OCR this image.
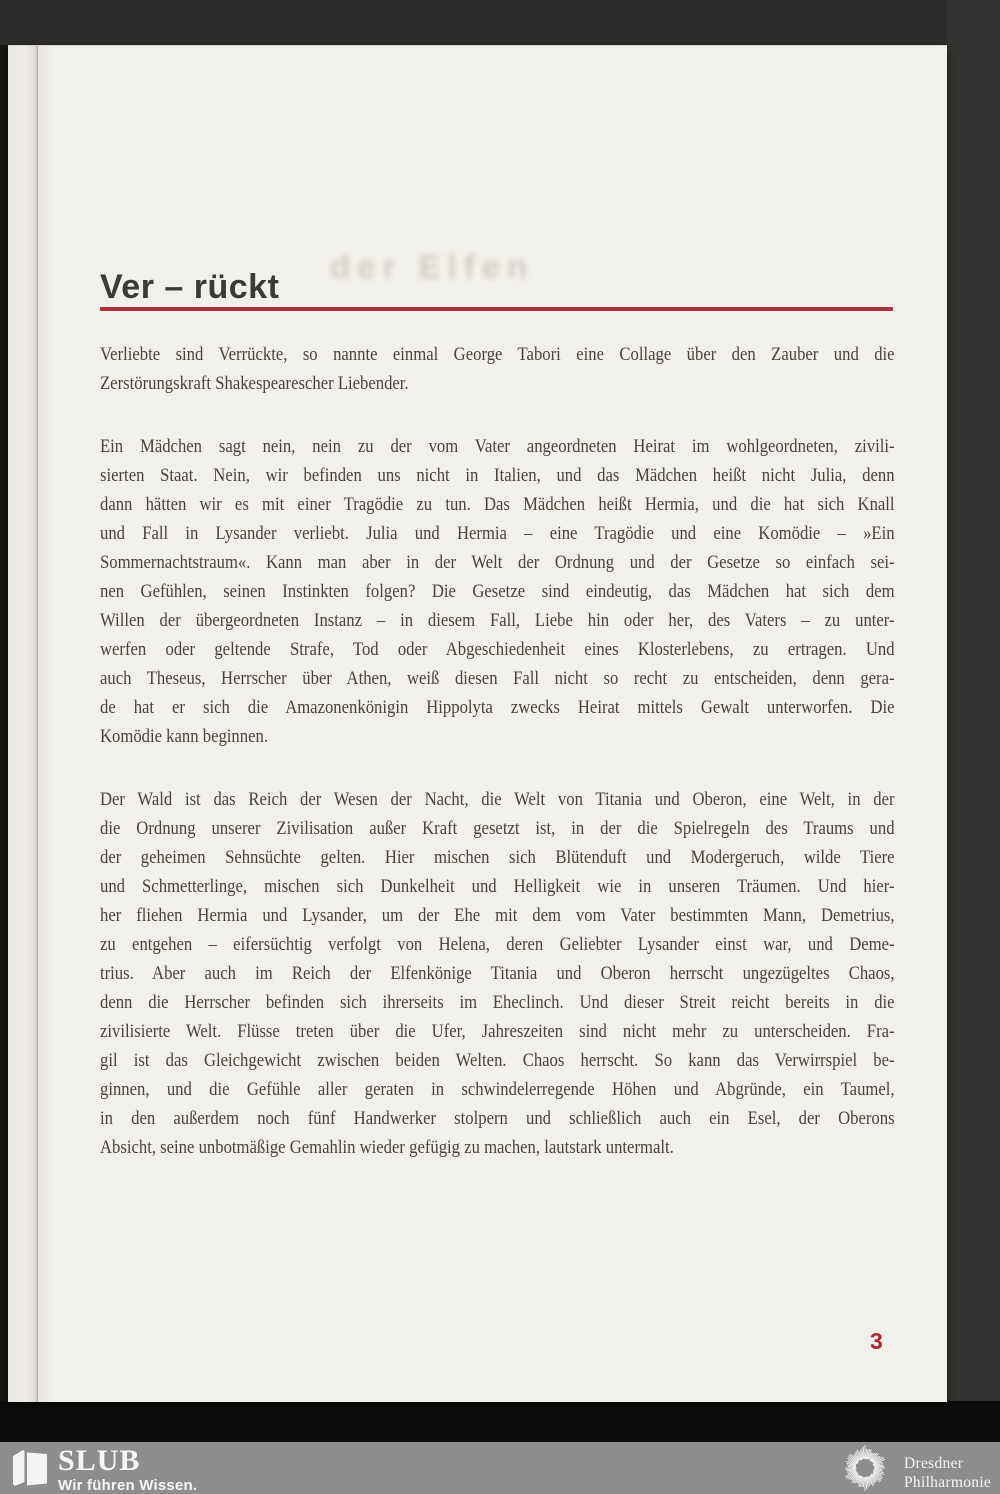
der Elfen
Ver – rückt
Verliebte sind Verrückte, so nannte einmal George Tabori eine Collage über den Zauber und die
Zerstörungskraft Shakespearescher Liebender.
Ein Mädchen sagt nein, nein zu der vom Vater angeordneten Heirat im wohlgeordneten, zivili-
sierten Staat. Nein, wir befinden uns nicht in Italien, und das Mädchen heißt nicht Julia, denn
dann hätten wir es mit einer Tragödie zu tun. Das Mädchen heißt Hermia, und die hat sich Knall
und Fall in Lysander verliebt. Julia und Hermia – eine Tragödie und eine Komödie – »Ein
Sommernachtstraum«. Kann man aber in der Welt der Ordnung und der Gesetze so einfach sei-
nen Gefühlen, seinen Instinkten folgen? Die Gesetze sind eindeutig, das Mädchen hat sich dem
Willen der übergeordneten Instanz – in diesem Fall, Liebe hin oder her, des Vaters – zu unter-
werfen oder geltende Strafe, Tod oder Abgeschiedenheit eines Klosterlebens, zu ertragen. Und
auch Theseus, Herrscher über Athen, weiß diesen Fall nicht so recht zu entscheiden, denn gera-
de hat er sich die Amazonenkönigin Hippolyta zwecks Heirat mittels Gewalt unterworfen. Die
Komödie kann beginnen.
Der Wald ist das Reich der Wesen der Nacht, die Welt von Titania und Oberon, eine Welt, in der
die Ordnung unserer Zivilisation außer Kraft gesetzt ist, in der die Spielregeln des Traums und
der geheimen Sehnsüchte gelten. Hier mischen sich Blütenduft und Modergeruch, wilde Tiere
und Schmetterlinge, mischen sich Dunkelheit und Helligkeit wie in unseren Träumen. Und hier-
her fliehen Hermia und Lysander, um der Ehe mit dem vom Vater bestimmten Mann, Demetrius,
zu entgehen – eifersüchtig verfolgt von Helena, deren Geliebter Lysander einst war, und Deme-
trius. Aber auch im Reich der Elfenkönige Titania und Oberon herrscht ungezügeltes Chaos,
denn die Herrscher befinden sich ihrerseits im Eheclinch. Und dieser Streit reicht bereits in die
zivilisierte Welt. Flüsse treten über die Ufer, Jahreszeiten sind nicht mehr zu unterscheiden. Fra-
gil ist das Gleichgewicht zwischen beiden Welten. Chaos herrscht. So kann das Verwirrspiel be-
ginnen, und die Gefühle aller geraten in schwindelerregende Höhen und Abgründe, ein Taumel,
in den außerdem noch fünf Handwerker stolpern und schließlich auch ein Esel, der Oberons
Absicht, seine unbotmäßige Gemahlin wieder gefügig zu machen, lautstark untermalt.
3
SLUB
Wir führen Wissen.
Dresdner
Philharmonie
